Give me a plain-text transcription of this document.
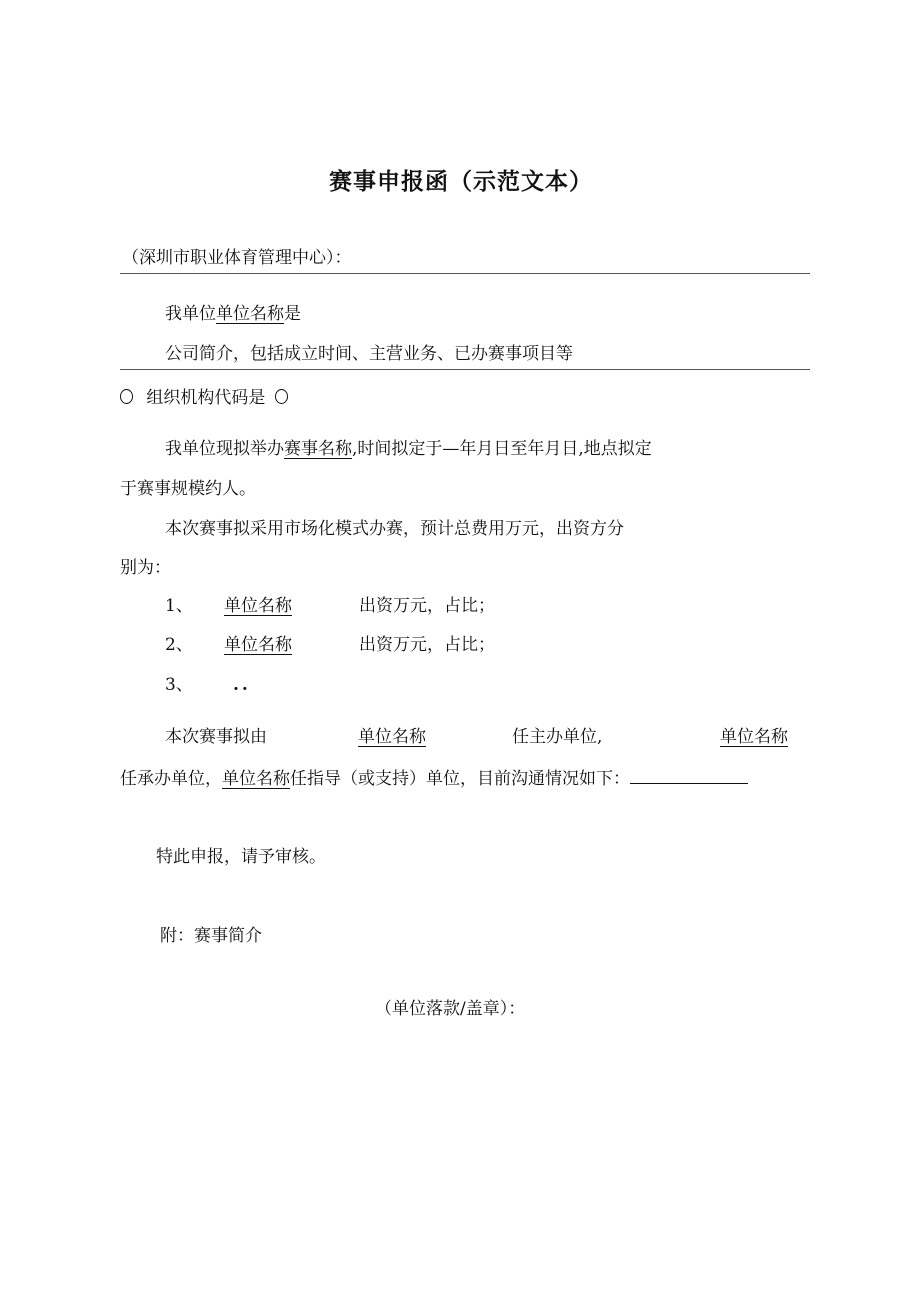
赛事申报函（示范文本）
（深圳市职业体育管理中心）：
我单位单位名称是
公司简介，包括成立时间、主营业务、已办赛事项目等
组织机构代码是
我单位现拟举办赛事名称,时间拟定于—年月日至年月日,地点拟定
于赛事规模约人。
本次赛事拟采用市场化模式办赛，预计总费用万元，出资方分
别为：
1、 单位名称	出资万元，占比；
2、 单位名称	出资万元，占比；
3、 ..
本次赛事拟由	单位名称	任主办单位,	单位名称
任承办单位，单位名称任指导（或支持）单位，目前沟通情况如下：
特此申报，请予审核。
附：赛事简介
（单位落款/盖章）：
